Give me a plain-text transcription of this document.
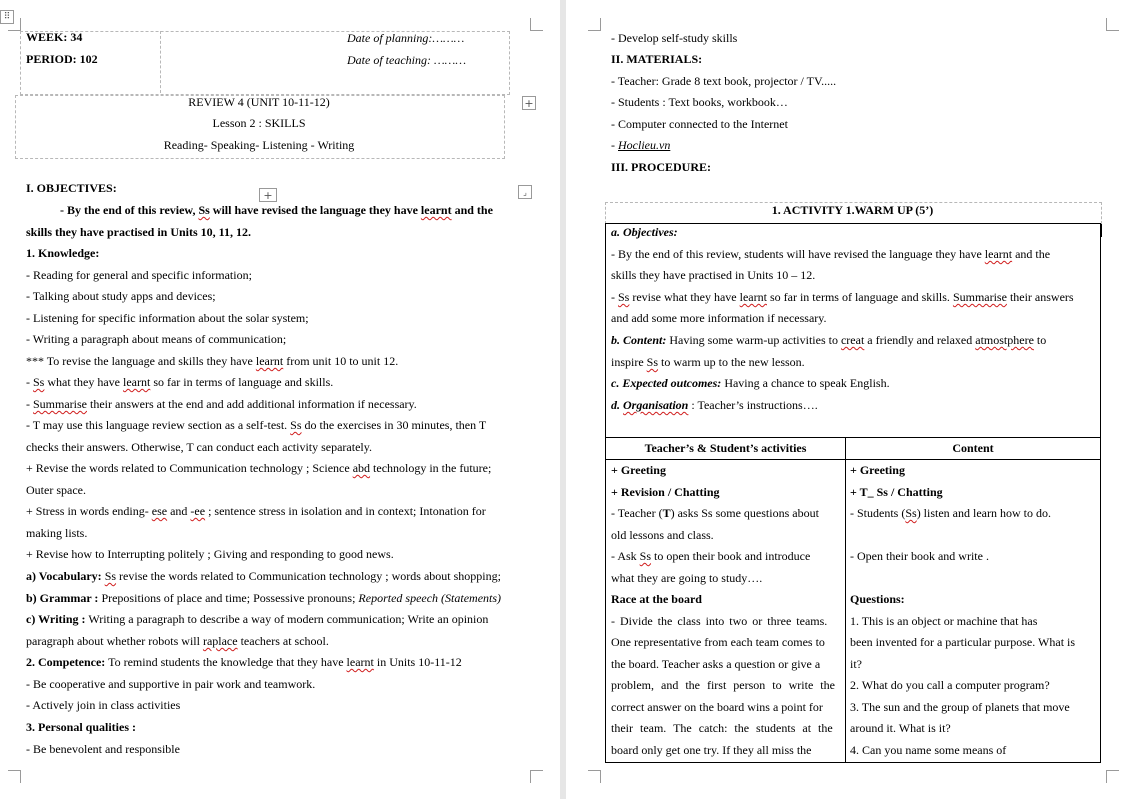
⠿
WEEK: 34
PERIOD: 102
Date of planning:………
Date of teaching: ………
REVIEW 4 (UNIT 10-11-12)
Lesson 2 : SKILLS
Reading- Speaking- Listening - Writing
+
+	⌟
I. OBJECTIVES:
- By the end of this review, Ss will have revised the language they have learnt and the
skills they have practised in Units 10, 11, 12.
1. Knowledge:
- Reading for general and specific information;
- Talking about study apps and devices;
- Listening for specific information about the solar system;
- Writing a paragraph about means of communication;
*** To revise the language and skills they have learnt from unit 10 to unit 12.
- Ss what they have learnt so far in terms of language and skills.
- Summarise their answers at the end and add additional information if necessary.
- T may use this language review section as a self-test. Ss do the exercises in 30 minutes, then T
checks their answers. Otherwise, T can conduct each activity separately.
+ Revise the words related to Communication technology ; Science abd technology in the future;
Outer space.
+ Stress in words ending- ese and -ee ; sentence stress in isolation and in context; Intonation for
making lists.
+ Revise how to Interrupting politely ; Giving and responding to good news.
a) Vocabulary: Ss revise the words related to Communication technology ; words about shopping;
b) Grammar : Prepositions of place and time; Possessive pronouns; Reported speech (Statements)
c) Writing : Writing a paragraph to describe a way of modern communication; Write an opinion
paragraph about whether robots will raplace teachers at school.
2. Competence: To remind students the knowledge that they have learnt in Units 10-11-12
- Be cooperative and supportive in pair work and teamwork.
- Actively join in class activities
3. Personal qualities :
- Be benevolent and responsible
- Develop self-study skills
II. MATERIALS:
- Teacher: Grade 8 text book, projector / TV.....
- Students : Text books, workbook…
- Computer connected to the Internet
- Hoclieu.vn
III. PROCEDURE:
1. ACTIVITY 1.WARM UP (5’)
a. Objectives:
- By the end of this review, students will have revised the language they have learnt and the
skills they have practised in Units 10 – 12.
- Ss revise what they have learnt so far in terms of language and skills. Summarise their answers
and add some more information if necessary.
b. Content: Having some warm-up activities to creat a friendly and relaxed atmostphere to
inspire Ss to warm up to the new lesson.
c. Expected outcomes: Having a chance to speak English.
d. Organisation : Teacher’s instructions….
Teacher’s & Student’s activities	Content
+ Greeting
+ Revision / Chatting
- Teacher (T) asks Ss some questions about
old lessons and class.
- Ask Ss to open their book and introduce
what they are going to study….
Race at the board
- Divide the class into two or three teams.
One representative from each team comes to
the board. Teacher asks a question or give a
problem, and the first person to write the
correct answer on the board wins a point for
their team. The catch: the students at the
board only get one try. If they all miss the
+ Greeting
+ T_ Ss / Chatting
- Students (Ss) listen and learn how to do.
- Open their book and write .
Questions:
1. This is an object or machine that has
been invented for a particular purpose. What is
it?
2. What do you call a computer program?
3. The sun and the group of planets that move
around it. What is it?
4. Can you name some means of
